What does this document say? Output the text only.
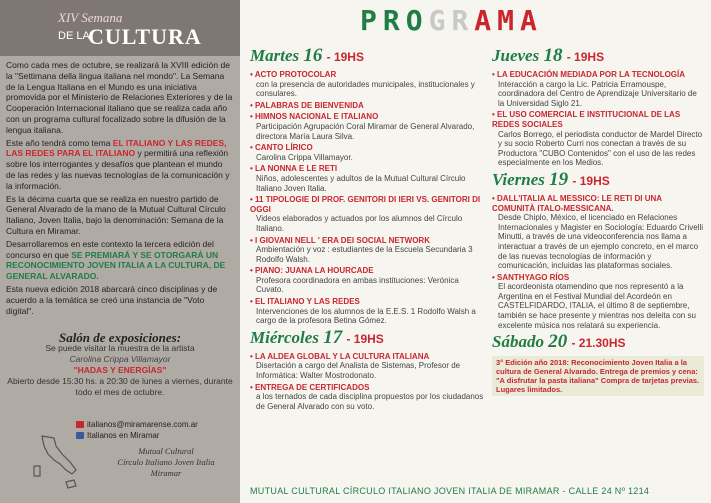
XIV Semana
DE LA
CULTURA

Como cada mes de octubre, se realizará la XVIII edición de la "Settimana della lingua italiana nel mondo". La Semana de la Lengua Italiana en el Mundo es una iniciativa promovida por el Ministerio de Relaciones Exteriores y de la Cooperación Internacional italiano que se realiza cada año con un programa cultural focalizado sobre la difusión de la lengua italiana.

Este año tendrá como tema EL ITALIANO Y LAS REDES, LAS REDES PARA EL ITALIANO y permitirá una reflexión sobre los interrogantes y desafíos que plantean el mundo de las redes y las nuevas tecnologías de la comunicación y la información.

Es la décima cuarta que se realiza en nuestro partido de General Alvarado de la mano de la Mutual Cultural Círculo Italiano, Joven Italia, bajo la denominación: Semana de la Cultura en Miramar.

Desarrollaremos en este contexto la tercera edición del concurso en que SE PREMIARÁ Y SE OTORGARÁ UN RECONOCIMIENTO JOVEN ITALIA A LA CULTURA, DE GENERAL ALVARADO.

Esta nueva edición 2018 abarcará cinco disciplinas y de acuerdo a la temática se creó una instancia de "Voto digital".

Salón de exposiciones:
Se puede visitar la muestra de la artista
Carolina Crippa Villamayor
"HADAS Y ENERGÍAS"
Abierto desde 15:30 hs. a 20:30 de lunes a viernes, durante todo el mes de octubre.
italianos@miramarense.com.ar
Italianos en Miramar
Mutual Cultural
Círculo Italiano Joven Italia
Miramar
PROGRAMA
Martes 16 - 19HS
• ACTO PROTOCOLAR
con la presencia de autoridades municipales, institucionales y consulares.
• PALABRAS DE BIENVENIDA
• HIMNOS NACIONAL E ITALIANO
Participación Agrupación Coral Miramar de General Alvarado, directora María Laura Silva.
• CANTO LÍRICO
Carolina Crippa Villamayor.
• LA NONNA E LE RETI
Niños, adolescentes y adultos de la Mutual Cultural Círculo Italiano Joven Italia.
• 11 TIPOLOGIE DI PROF. GENITORI DI IERI VS. GENITORI DI OGGI
Videos elaborados y actuados por los alumnos del Círculo Italiano.
• I GIOVANI NELL ' ERA DEI SOCIAL NETWORK
Ambientación y voz : estudiantes de la Escuela Secundaria 3 Rodolfo Walsh.
• PIANO: JUANA LA HOURCADE
Profesora coordinadora en ambas instituciones: Verónica Cuvato.
• EL ITALIANO Y LAS REDES
Intervenciones de los alumnos de la E.E.S. 1 Rodolfo Walsh a cargo de la profesora Betina Gómez.
Miércoles 17 - 19HS
• LA ALDEA GLOBAL Y LA CULTURA ITALIANA
Disertación a cargo del Analista de Sistemas, Profesor de Informática: Walter Mostrodonato.
• ENTREGA DE CERTIFICADOS
a los ternados de cada disciplina propuestos por los ciudadanos de General Alvarado con su voto.
Jueves 18 - 19HS
• LA EDUCACIÓN MEDIADA POR LA TECNOLOGÍA
Interacción a cargo la Lic. Patricia Erramouspe, coordinadora del Centro de Aprendizaje Universitario de la Universidad Siglo 21.
• EL USO COMERCIAL E INSTITUCIONAL DE LAS REDES SOCIALES
Carlos Borrego, el periodista conductor de Mardel Directo y su socio Roberto Curri nos conectan a través de su Productora "CUBO Contenidos" con el uso de las redes especialmente en los Medios.
Viernes 19 - 19HS
• DALL'ITALIA AL MESSICO: LE RETI DI UNA COMUNITÀ ITALO-MESSICANA.
Desde Chiplo, México, el licenciado en Relaciones Internacionales y Magister en Sociología: Eduardo Crivelli Minutti, a través de una videoconferencia nos llama a interactuar a través de un ejemplo concreto, en el marco de las nuevas tecnologías de información y comunicación, incluidas las plataformas sociales.
• SANTHYAGO RÍOS
El acordeonista otamendino que nos representó a la Argentina en el Festival Mundial del Acordeón en CASTELFIDARDO, ITALIA, el último 8 de septiembre, también se hace presente y mientras nos deleita con su excelente música nos relatará su experiencia.
Sábado 20 - 21.30HS
3° Edición año 2018: Reconocimiento Joven Italia a la cultura de General Alvarado. Entrega de premios y cena: "A disfrutar la pasta italiana" Compra de tarjetas previas. Lugares limitados.
MUTUAL CULTURAL CÍRCULO ITALIANO JOVEN ITALIA DE MIRAMAR - CALLE 24 Nº 1214
